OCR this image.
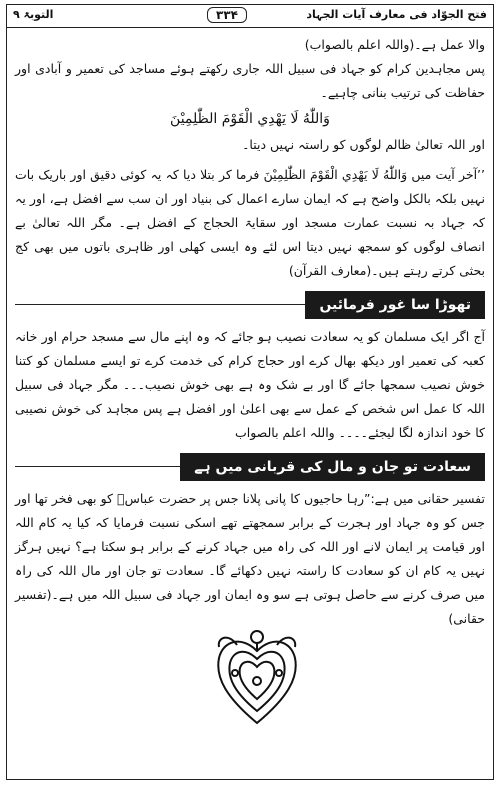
فتح الجوّاد فی معارف آیات الجہاد
۳۳۴
التوبۃ ۹

والا عمل ہے۔(واللہ اعلم بالصواب)

پس مجاہدین کرام کو جہاد فی سبیل اللہ جاری رکھتے ہوئے مساجد کی تعمیر و آبادی اور حفاظت کی ترتیب بنانی چاہیے۔

وَاللّٰهُ لَا يَهْدِي الْقَوْمَ الظّٰلِمِيْنَ

اور اللہ تعالیٰ ظالم لوگوں کو راستہ نہیں دیتا۔

’’آخر آیت میں وَاللّٰهُ لَا يَهْدِي الْقَوْمَ الظّٰلِمِيْنَ فرما کر بتلا دیا کہ یہ کوئی دقیق اور باریک بات نہیں بلکہ بالکل واضح ہے کہ ایمان سارے اعمال کی بنیاد اور ان سب سے افضل ہے، اور یہ کہ جہاد بہ نسبت عمارت مسجد اور سقایۃ الحجاج کے افضل ہے۔ مگر اللہ تعالیٰ بے انصاف لوگوں کو سمجھ نہیں دیتا اس لئے وہ ایسی کھلی اور ظاہری باتوں میں بھی کج بحثی کرتے رہتے ہیں۔(معارف القرآن)

تھوڑا سا غور فرمائیں

آج اگر ایک مسلمان کو یہ سعادت نصیب ہو جائے کہ وہ اپنے مال سے مسجد حرام اور خانہ کعبہ کی تعمیر اور دیکھ بھال کرے اور حجاج کرام کی خدمت کرے تو ایسے مسلمان کو کتنا خوش نصیب سمجھا جائے گا اور بے شک وہ ہے بھی خوش نصیب۔۔۔ مگر جہاد فی سبیل اللہ کا عمل اس شخص کے عمل سے بھی اعلیٰ اور افضل ہے پس مجاہد کی خوش نصیبی کا خود اندازہ لگا لیجئے۔۔۔۔ واللہ اعلم بالصواب

سعادت تو جان و مال کی قربانی میں ہے

تفسیر حقانی میں ہے:”رہا حاجیوں کا پانی پلانا جس پر حضرت عباسؓ کو بھی فخر تھا اور جس کو وہ جہاد اور ہجرت کے برابر سمجھتے تھے اسکی نسبت فرمایا کہ کیا یہ کام اللہ اور قیامت پر ایمان لانے اور اللہ کی راہ میں جہاد کرنے کے برابر ہو سکتا ہے؟ نہیں ہرگز نہیں یہ کام ان کو سعادت کا راستہ نہیں دکھائے گا۔ سعادت تو جان اور مال اللہ کی راہ میں صرف کرنے سے حاصل ہوتی ہے سو وہ ایمان اور جہاد فی سبیل اللہ میں ہے۔(تفسیر حقانی)
